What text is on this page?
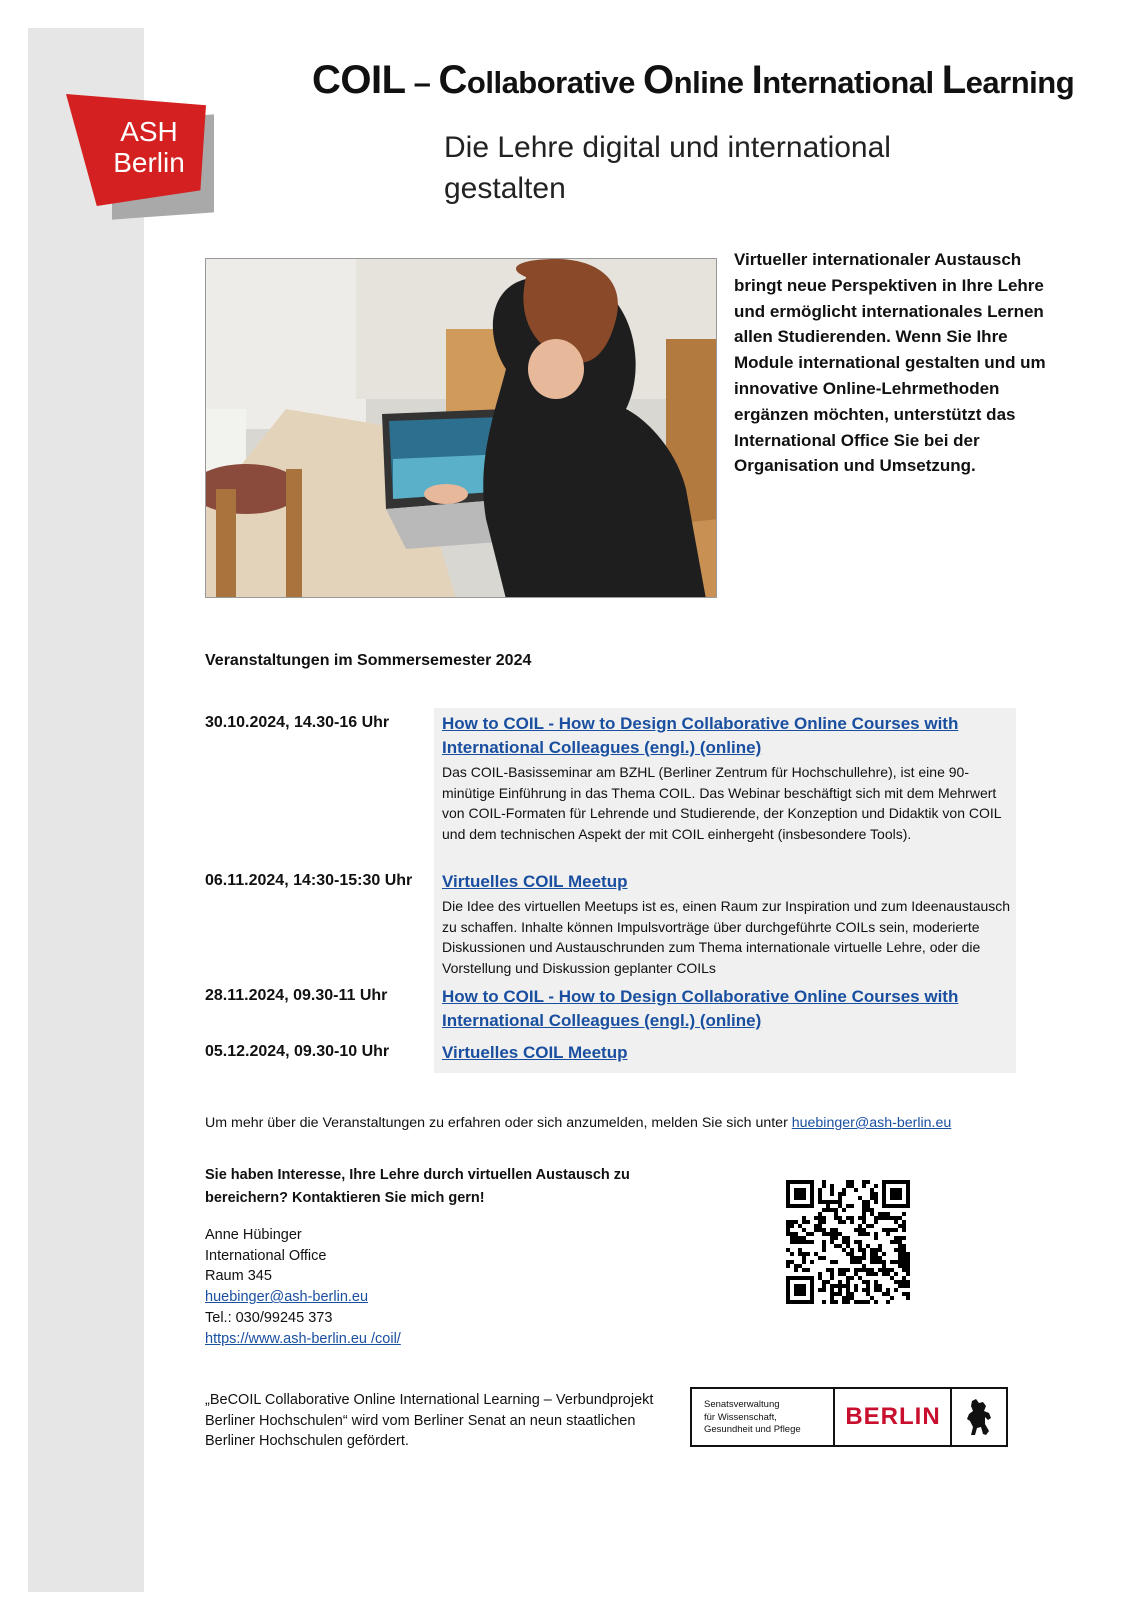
ASH
Berlin
COIL – Collaborative Online International Learning
Die Lehre digital und international gestalten
Virtueller internationaler Austausch bringt neue Perspektiven in Ihre Lehre und ermöglicht internationales Lernen allen Studierenden. Wenn Sie Ihre Module international gestalten und um innovative Online-Lehrmethoden ergänzen möchten, unterstützt das International Office Sie bei der Organisation und Umsetzung.
Veranstaltungen im Sommersemester 2024
30.10.2024, 14.30-16 Uhr	How to COIL - How to Design Collaborative Online Courses with International Colleagues (engl.) (online)
Das COIL-Basisseminar am BZHL (Berliner Zentrum für Hochschullehre), ist eine 90-minütige Einführung in das Thema COIL. Das Webinar beschäftigt sich mit dem Mehrwert von COIL-Formaten für Lehrende und Studierende, der Konzeption und Didaktik von COIL und dem technischen Aspekt der mit COIL einhergeht (insbesondere Tools).
06.11.2024, 14:30-15:30 Uhr	Virtuelles COIL Meetup
Die Idee des virtuellen Meetups ist es, einen Raum zur Inspiration und zum Ideenaustausch zu schaffen. Inhalte können Impulsvorträge über durchgeführte COILs sein, moderierte Diskussionen und Austauschrunden zum Thema internationale virtuelle Lehre, oder die Vorstellung und Diskussion geplanter COILs
28.11.2024, 09.30-11 Uhr	How to COIL - How to Design Collaborative Online Courses with International Colleagues (engl.) (online)
05.12.2024, 09.30-10 Uhr	Virtuelles COIL Meetup
Um mehr über die Veranstaltungen zu erfahren oder sich anzumelden, melden Sie sich unter huebinger@ash-berlin.eu
Sie haben Interesse, Ihre Lehre durch virtuellen Austausch zu bereichern? Kontaktieren Sie mich gern!
Anne Hübinger
International Office
Raum 345
huebinger@ash-berlin.eu
Tel.: 030/99245 373
https://www.ash-berlin.eu /coil/
„BeCOIL Collaborative Online International Learning – Verbundprojekt Berliner Hochschulen“ wird vom Berliner Senat an neun staatlichen Berliner Hochschulen gefördert.
Senatsverwaltung
für Wissenschaft,
Gesundheit und Pflege	BERLIN
